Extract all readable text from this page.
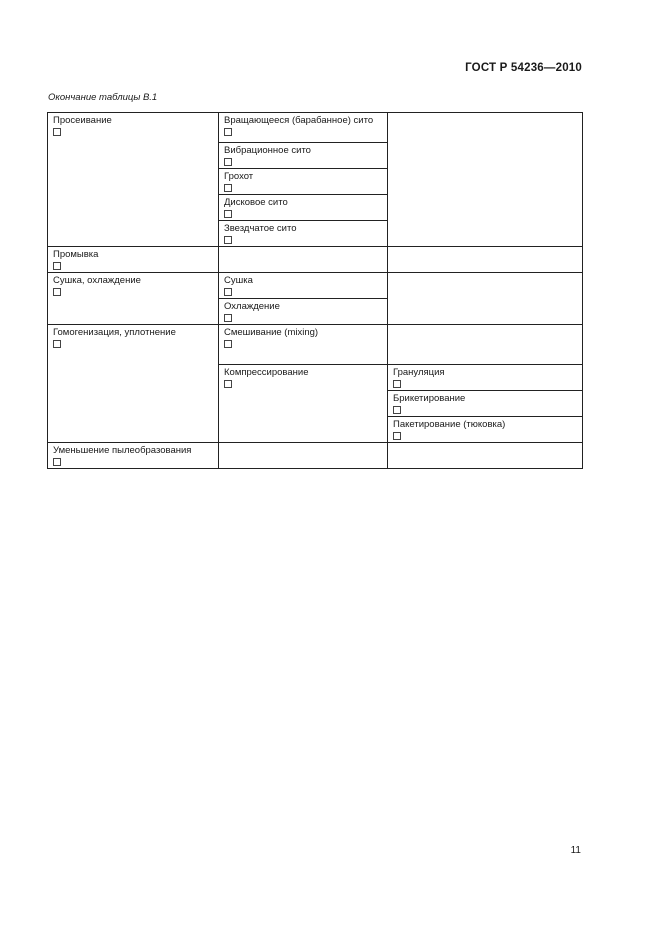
ГОСТ Р 54236—2010
Окончание таблицы В.1
Просеивание	Вращающееся (барабанное) сито

	Вибрационное сито	

	Грохот	

	Дисковое сито	

	Звездчатое сито	

Промывка

Сушка, охлаждение	Сушка

	Охлаждение	

Гомогенизация, уплотнение	Смешивание (mixing)

	Компрессирование	Грануляция

		Брикетирование

		Пакетирование (тюковка)

Уменьшение пылеобразования

11
